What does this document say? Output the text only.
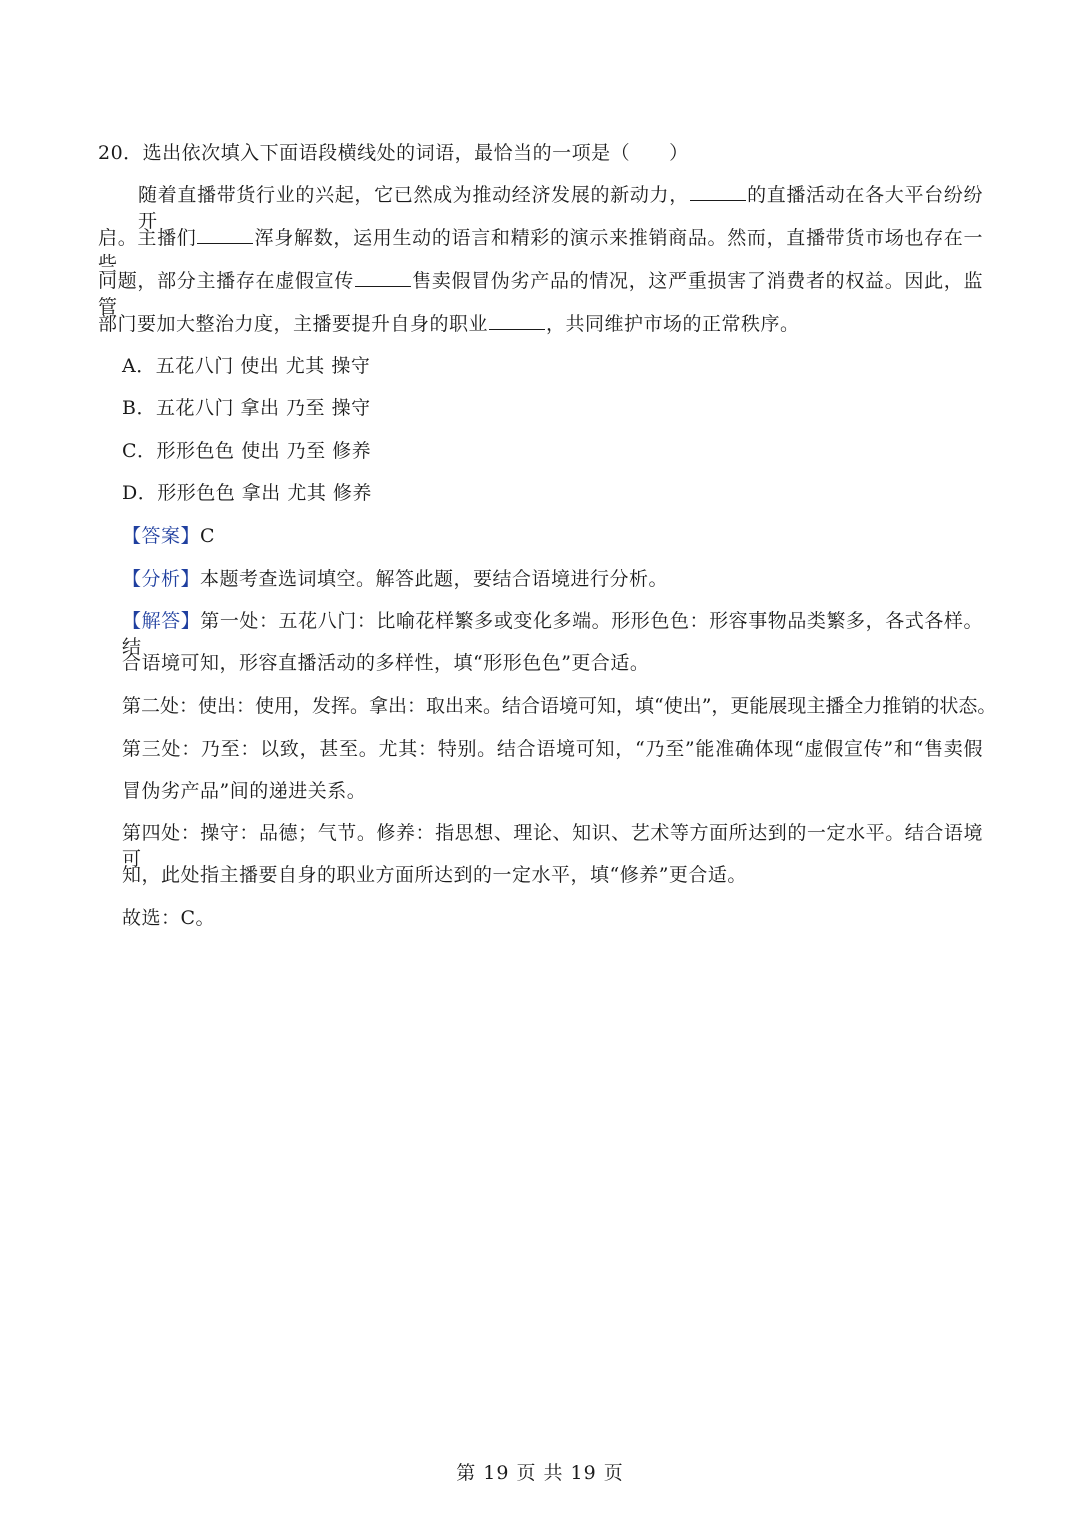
20．选出依次填入下面语段横线处的词语，最恰当的一项是（　　）
随着直播带货行业的兴起，它已然成为推动经济发展的新动力，	的直播活动在各大平台纷纷开
启。主播们	浑身解数，运用生动的语言和精彩的演示来推销商品。然而，直播带货市场也存在一些
问题，部分主播存在虚假宣传	售卖假冒伪劣产品的情况，这严重损害了消费者的权益。因此，监管
部门要加大整治力度，主播要提升自身的职业	，共同维护市场的正常秩序。
A．五花八门 使出 尤其 操守
B．五花八门 拿出 乃至 操守
C．形形色色 使出 乃至 修养
D．形形色色 拿出 尤其 修养
【答案】C
【分析】本题考查选词填空。解答此题，要结合语境进行分析。
【解答】第一处：五花八门：比喻花样繁多或变化多端。形形色色：形容事物品类繁多，各式各样。结
合语境可知，形容直播活动的多样性，填“形形色色”更合适。
第二处：使出：使用，发挥。拿出：取出来。结合语境可知，填“使出”，更能展现主播全力推销的状态。
第三处：乃至：以致，甚至。尤其：特别。结合语境可知，“乃至”能准确体现“虚假宣传”和“售卖假
冒伪劣产品”间的递进关系。
第四处：操守：品德；气节。修养：指思想、理论、知识、艺术等方面所达到的一定水平。结合语境可
知，此处指主播要自身的职业方面所达到的一定水平，填“修养”更合适。
故选：C。
第 19 页 共 19 页
